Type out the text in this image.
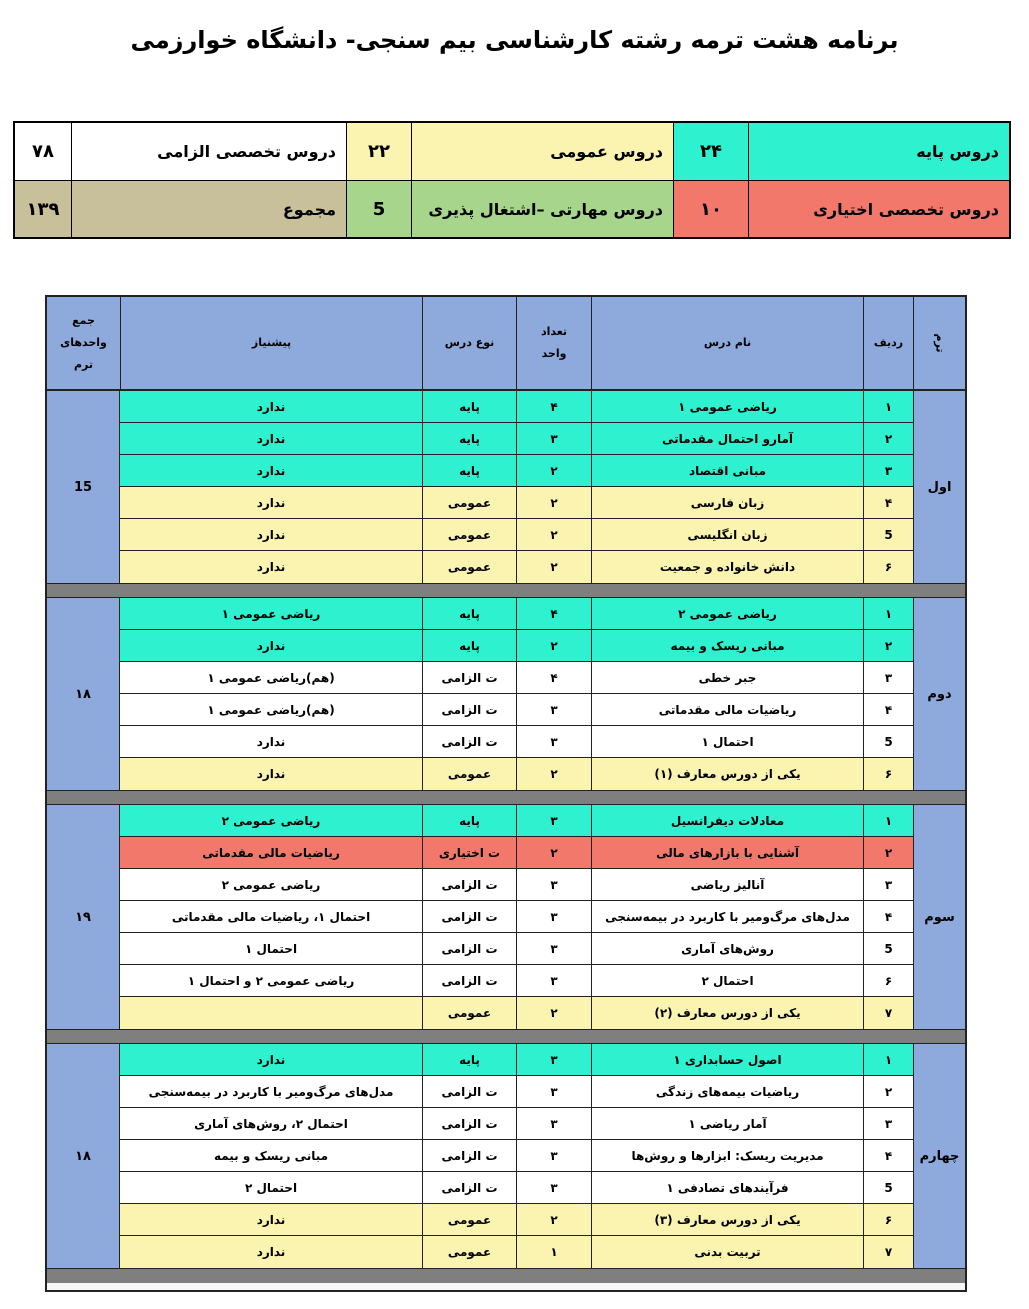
برنامه هشت ترمه رشته کارشناسی بیم سنجی- دانشگاه خوارزمی
دروس پایه
۲۴
دروس عمومی
۲۲
دروس تخصصی الزامی
۷۸
دروس تخصصی اختیاری
۱۰
دروس مهارتی –اشتغال پذیری
5
مجموع
۱۳۹
ترم
ردیف
نام درس
تعداد
واحد
نوع درس
پیشنیاز
جمع
واحدهای
ترم
اول
۱
ریاضی عمومی ۱
۴
پایه
ندارد
۲
آمارو احتمال مقدماتی
۳
پایه
ندارد
۳
مبانی اقتصاد
۲
پایه
ندارد
۴
زبان فارسی
۲
عمومی
ندارد
5
زبان انگلیسی
۲
عمومی
ندارد
۶
دانش خانواده و جمعیت
۲
عمومی
ندارد
15
دوم
۱
ریاضی عمومی ۲
۴
پایه
ریاضی عمومی ۱
۲
مبانی ریسک و بیمه
۲
پایه
ندارد
۳
جبر خطی
۴
ت الزامی
(هم)ریاضی عمومی ۱
۴
ریاضیات مالی مقدماتی
۳
ت الزامی
(هم)ریاضی عمومی ۱
5
احتمال ۱
۳
ت الزامی
ندارد
۶
یکی از دورس معارف (۱)
۲
عمومی
ندارد
۱۸
سوم
۱
معادلات دیفرانسیل
۳
پایه
ریاضی عمومی ۲
۲
آشنایی با بازارهای مالی
۲
ت اختیاری
ریاضیات مالی مقدماتی
۳
آنالیز ریاضی
۳
ت الزامی
ریاضی عمومی ۲
۴
مدل‌های مرگ‌ومیر با کاربرد در بیمه‌سنجی
۳
ت الزامی
احتمال ۱، ریاضیات مالی مقدماتی
5
روش‌های آماری
۳
ت الزامی
احتمال ۱
۶
احتمال ۲
۳
ت الزامی
ریاضی عمومی ۲ و احتمال ۱
۷
یکی از دورس معارف (۲)
۲
عمومی
۱۹
چهارم
۱
اصول حسابداری ۱
۳
پایه
ندارد
۲
ریاضیات بیمه‌های زندگی
۳
ت الزامی
مدل‌های مرگ‌ومیر با کاربرد در بیمه‌سنجی
۳
آمار ریاضی ۱
۳
ت الزامی
احتمال ۲، روش‌های آماری
۴
مدیریت ریسک: ابزارها و روش‌ها
۳
ت الزامی
مبانی ریسک و بیمه
5
فرآیندهای تصادفی ۱
۳
ت الزامی
احتمال ۲
۶
یکی از دورس معارف (۳)
۲
عمومی
ندارد
۷
تربیت بدنی
۱
عمومی
ندارد
۱۸
